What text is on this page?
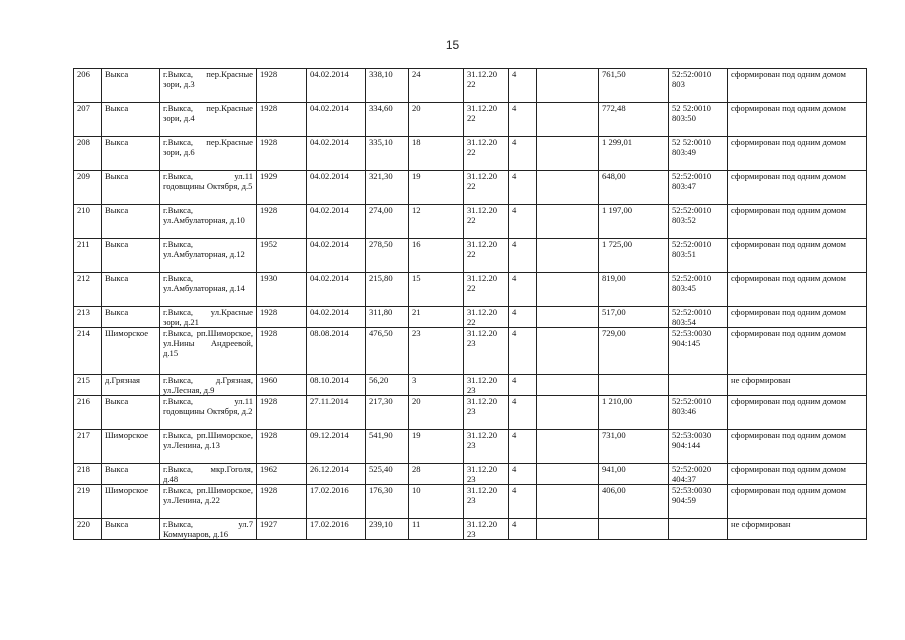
15
206	Выкса	г.Выкса, пер.Красные зори, д.3	1928	04.02.2014	338,10	24	31.12.20 22	4		761,50	52:52:0010 803	сформирован под одним домом
207	Выкса	г.Выкса, пер.Красные зори, д.4	1928	04.02.2014	334,60	20	31.12.20 22	4		772,48	52 52:0010 803:50	сформирован под одним домом
208	Выкса	г.Выкса, пер.Красные зори, д.6	1928	04.02.2014	335,10	18	31.12.20 22	4		1 299,01	52 52:0010 803:49	сформирован под одним домом
209	Выкса	г.Выкса, ул.11 годовщины Октября, д.5	1929	04.02.2014	321,30	19	31.12.20 22	4		648,00	52:52:0010 803:47	сформирован под одним домом
210	Выкса	г.Выкса, ул.Амбулаторная, д.10	1928	04.02.2014	274,00	12	31.12.20 22	4		1 197,00	52:52:0010 803:52	сформирован под одним домом
211	Выкса	г.Выкса, ул.Амбулаторная, д.12	1952	04.02.2014	278,50	16	31.12.20 22	4		1 725,00	52:52:0010 803:51	сформирован под одним домом
212	Выкса	г.Выкса, ул.Амбулаторная, д.14	1930	04.02.2014	215,80	15	31.12.20 22	4		819,00	52:52:0010 803:45	сформирован под одним домом
213	Выкса	г.Выкса, ул.Красные зори, д.21	1928	04.02.2014	311,80	21	31.12.20 22	4		517,00	52:52:0010 803:54	сформирован под одним домом
214	Шиморское	г.Выкса, рп.Шиморское, ул.Нины Андреевой, д.15	1928	08.08.2014	476,50	23	31.12.20 23	4		729,00	52:53:0030 904:145	сформирован под одним домом
215	д.Грязная	г.Выкса, д.Грязная, ул.Лесная, д.9	1960	08.10.2014	56,20	3	31.12.20 23	4				не сформирован
216	Выкса	г.Выкса, ул.11 годовщины Октября, д.2	1928	27.11.2014	217,30	20	31.12.20 23	4		1 210,00	52:52:0010 803:46	сформирован под одним домом
217	Шиморское	г.Выкса, рп.Шиморское, ул.Ленина, д.13	1928	09.12.2014	541,90	19	31.12.20 23	4		731,00	52:53:0030 904:144	сформирован под одним домом
218	Выкса	г.Выкса, мкр.Гоголя, д.48	1962	26.12.2014	525,40	28	31.12.20 23	4		941,00	52:52:0020 404:37	сформирован под одним домом
219	Шиморское	г.Выкса, рп.Шиморское, ул.Ленина, д.22	1928	17.02.2016	176,30	10	31.12.20 23	4		406,00	52:53:0030 904:59	сформирован под одним домом
220	Выкса	г.Выкса, ул.7 Коммунаров, д.16	1927	17.02.2016	239,10	11	31.12.20 23	4				не сформирован
